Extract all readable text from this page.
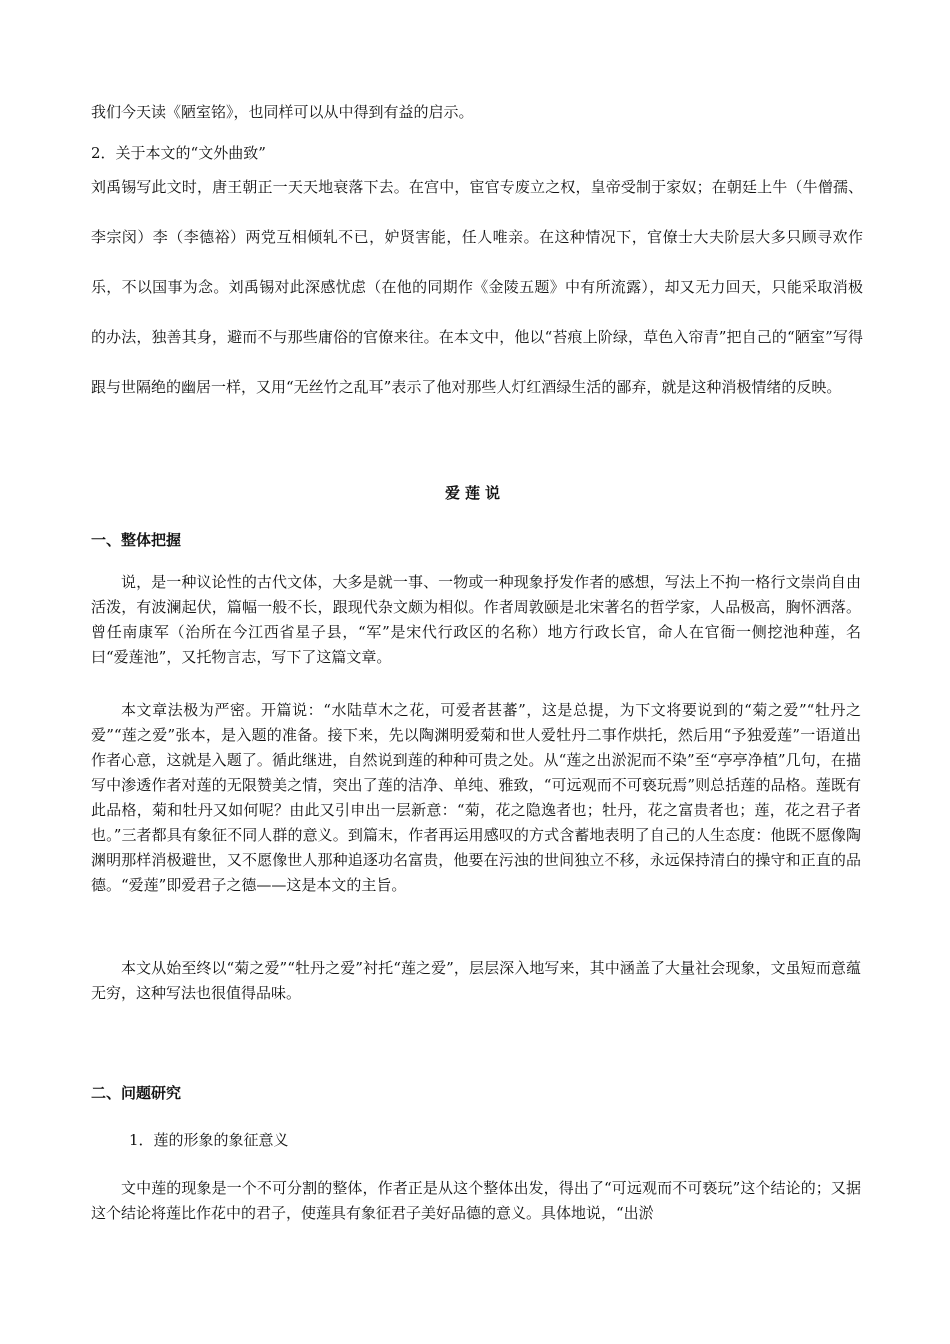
我们今天读《陋室铭》，也同样可以从中得到有益的启示。

2．关于本文的“文外曲致”

刘禹锡写此文时，唐王朝正一天天地衰落下去。在宫中，宦官专废立之权，皇帝受制于家奴；在朝廷上牛（牛僧孺、李宗闵）李（李德裕）两党互相倾轧不已，妒贤害能，任人唯亲。在这种情况下，官僚士大夫阶层大多只顾寻欢作乐，不以国事为念。刘禹锡对此深感忧虑（在他的同期作《金陵五题》中有所流露），却又无力回天，只能采取消极的办法，独善其身，避而不与那些庸俗的官僚来往。在本文中，他以“苔痕上阶绿，草色入帘青”把自己的“陋室”写得跟与世隔绝的幽居一样，又用“无丝竹之乱耳”表示了他对那些人灯红酒绿生活的鄙弃，就是这种消极情绪的反映。

爱莲说
一、整体把握

说，是一种议论性的古代文体，大多是就一事、一物或一种现象抒发作者的感想，写法上不拘一格行文崇尚自由活泼，有波澜起伏，篇幅一般不长，跟现代杂文颇为相似。作者周敦颐是北宋著名的哲学家，人品极高，胸怀洒落。曾任南康军（治所在今江西省星子县，“军”是宋代行政区的名称）地方行政长官，命人在官衙一侧挖池种莲，名曰“爱莲池”，又托物言志，写下了这篇文章。

本文章法极为严密。开篇说：“水陆草木之花，可爱者甚蕃”，这是总提，为下文将要说到的“菊之爱”“牡丹之爱”“莲之爱”张本，是入题的准备。接下来，先以陶渊明爱菊和世人爱牡丹二事作烘托，然后用“予独爱莲”一语道出作者心意，这就是入题了。循此继进，自然说到莲的种种可贵之处。从“莲之出淤泥而不染”至“亭亭净植”几句，在描写中渗透作者对莲的无限赞美之情，突出了莲的洁净、单纯、雅致，“可远观而不可亵玩焉”则总括莲的品格。莲既有此品格，菊和牡丹又如何呢？由此又引申出一层新意：“菊，花之隐逸者也；牡丹，花之富贵者也；莲，花之君子者也。”三者都具有象征不同人群的意义。到篇末，作者再运用感叹的方式含蓄地表明了自己的人生态度：他既不愿像陶渊明那样消极避世，又不愿像世人那种追逐功名富贵，他要在污浊的世间独立不移，永远保持清白的操守和正直的品德。“爱莲”即爱君子之德——这是本文的主旨。

本文从始至终以“菊之爱”“牡丹之爱”衬托“莲之爱”，层层深入地写来，其中涵盖了大量社会现象，文虽短而意蕴无穷，这种写法也很值得品味。

二、问题研究

1．莲的形象的象征意义

文中莲的现象是一个不可分割的整体，作者正是从这个整体出发，得出了“可远观而不可亵玩”这个结论的；又据这个结论将莲比作花中的君子，使莲具有象征君子美好品德的意义。具体地说，“出淤
